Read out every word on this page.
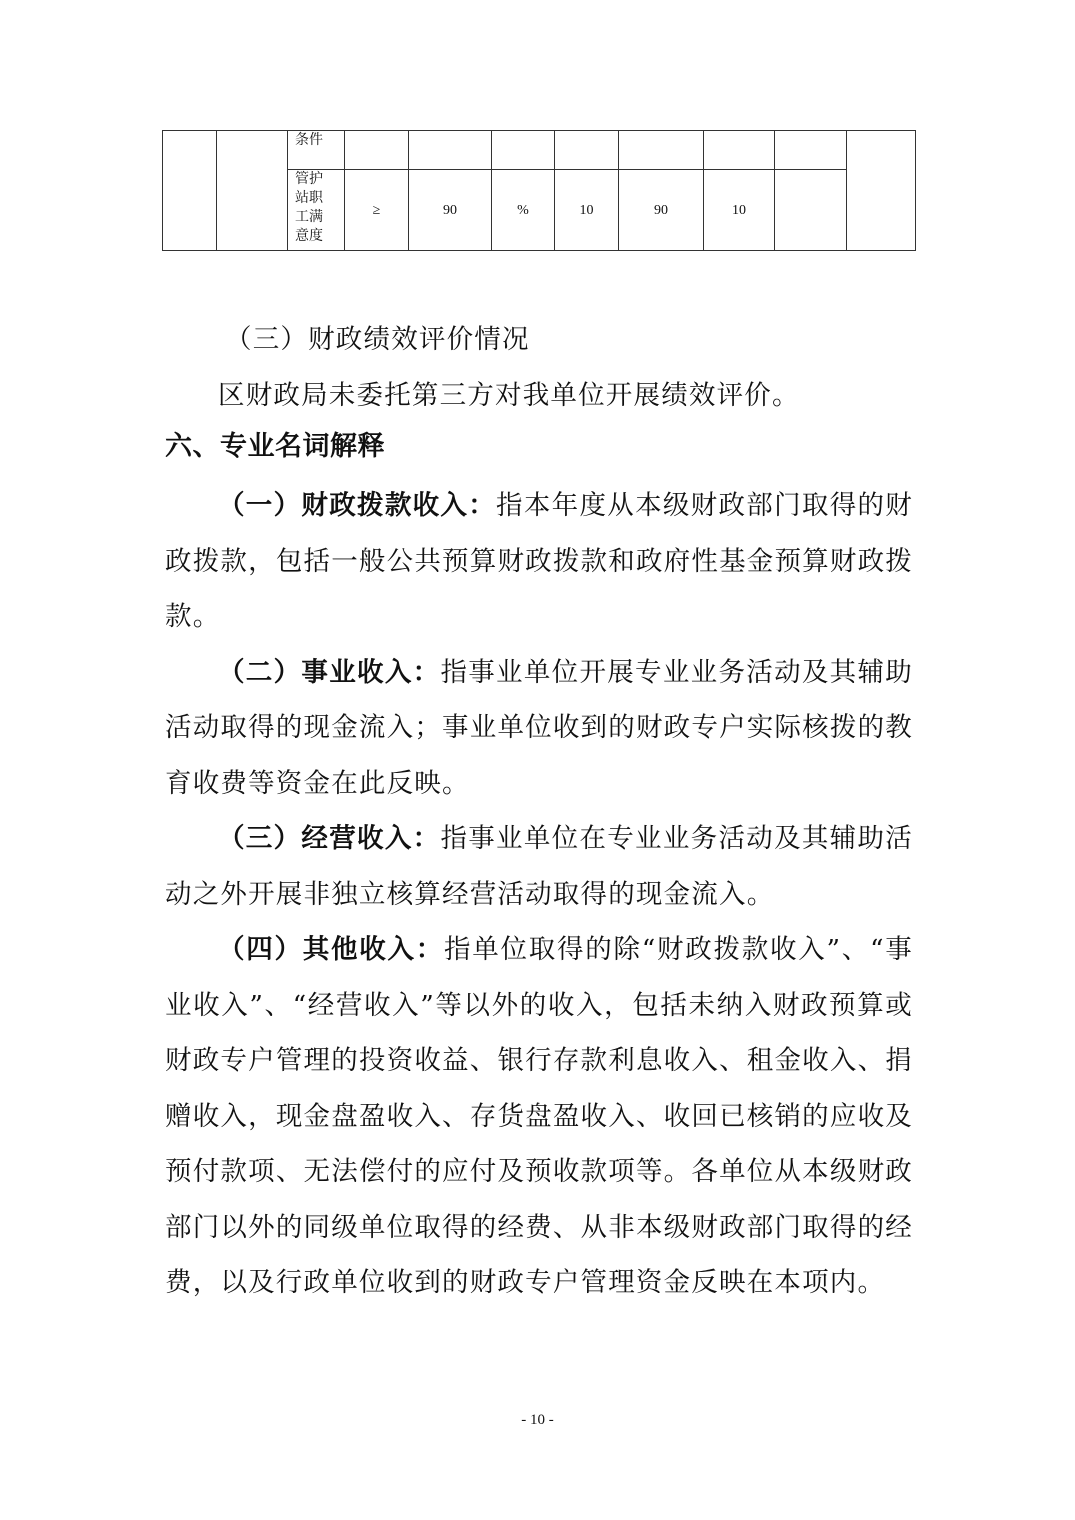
		条件								
		管护站职工满意度	≥	90	%	10	90	10		

（三）财政绩效评价情况

区财政局未委托第三方对我单位开展绩效评价。

六、专业名词解释

（一）财政拨款收入：指本年度从本级财政部门取得的财政拨款，包括一般公共预算财政拨款和政府性基金预算财政拨款。

（二）事业收入：指事业单位开展专业业务活动及其辅助活动取得的现金流入；事业单位收到的财政专户实际核拨的教育收费等资金在此反映。

（三）经营收入：指事业单位在专业业务活动及其辅助活动之外开展非独立核算经营活动取得的现金流入。

（四）其他收入：指单位取得的除“财政拨款收入”、“事业收入”、“经营收入”等以外的收入，包括未纳入财政预算或财政专户管理的投资收益、银行存款利息收入、租金收入、捐赠收入，现金盘盈收入、存货盘盈收入、收回已核销的应收及预付款项、无法偿付的应付及预收款项等。各单位从本级财政部门以外的同级单位取得的经费、从非本级财政部门取得的经费，以及行政单位收到的财政专户管理资金反映在本项内。

- 10 -
